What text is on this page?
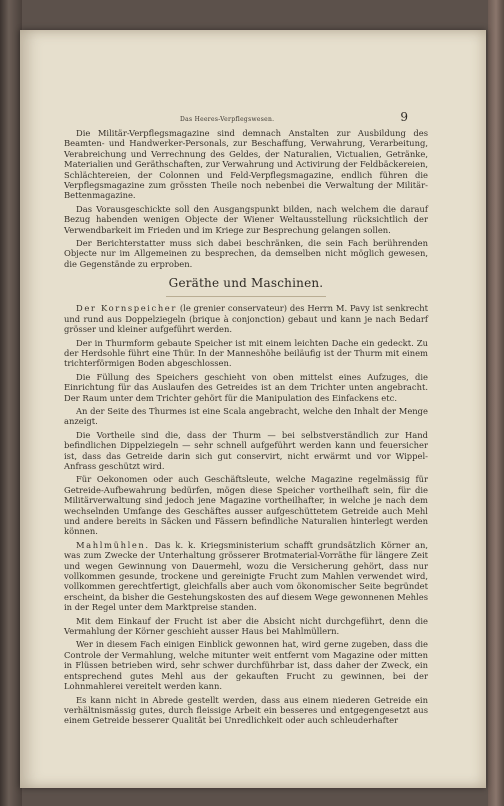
Das Heeres-Verpflegswesen.	9

Die Militär-Verpflegsmagazine sind demnach Anstalten zur Ausbildung des Beamten- und Handwerker-Personals, zur Beschaffung, Verwahrung, Verarbeitung, Verabreichung und Verrechnung des Geldes, der Naturalien, Victualien, Getränke, Materialien und Geräthschaften, zur Verwahrung und Activirung der Feldbäckereien, Schlächtereien, der Colonnen und Feld-Verpflegsmagazine, endlich führen die Verpflegsmagazine zum grössten Theile noch nebenbei die Verwaltung der Militär-Bettenmagazine.

Das Vorausgeschickte soll den Ausgangspunkt bilden, nach welchem die darauf Bezug habenden wenigen Objecte der Wiener Weltausstellung rücksichtlich der Verwendbarkeit im Frieden und im Kriege zur Besprechung gelangen sollen.

Der Berichterstatter muss sich dabei beschränken, die sein Fach berührenden Objecte nur im Allgemeinen zu besprechen, da demselben nicht möglich gewesen, die Gegenstände zu erproben.

Geräthe und Maschinen.

Der Kornspeicher (le grenier conservateur) des Herrn M. Pavy ist senkrecht und rund aus Doppelziegeln (brique à conjonction) gebaut und kann je nach Bedarf grösser und kleiner aufgeführt werden.

Der in Thurmform gebaute Speicher ist mit einem leichten Dache ein gedeckt. Zu der Herdsohle führt eine Thür. In der Manneshöhe beiläufig ist der Thurm mit einem trichterförmigen Boden abgeschlossen.

Die Füllung des Speichers geschieht von oben mittelst eines Aufzuges, die Einrichtung für das Auslaufen des Getreides ist an dem Trichter unten angebracht. Der Raum unter dem Trichter gehört für die Manipulation des Einfackens etc.

An der Seite des Thurmes ist eine Scala angebracht, welche den Inhalt der Menge anzeigt.

Die Vortheile sind die, dass der Thurm — bei selbstverständlich zur Hand befindlichen Dippelziegeln — sehr schnell aufgeführt werden kann und feuersicher ist, dass das Getreide darin sich gut conservirt, nicht erwärmt und vor Wippel-Anfrass geschützt wird.

Für Oekonomen oder auch Geschäftsleute, welche Magazine regelmässig für Getreide-Aufbewahrung bedürfen, mögen diese Speicher vortheilhaft sein, für die Militärverwaltung sind jedoch jene Magazine vortheilhafter, in welche je nach dem wechselnden Umfange des Geschäftes ausser aufgeschüttetem Getreide auch Mehl und andere bereits in Säcken und Fässern befindliche Naturalien hinterlegt werden können.

Mahlmühlen. Das k. k. Kriegsministerium schafft grundsätzlich Körner an, was zum Zwecke der Unterhaltung grösserer Brotmaterial-Vorräthe für längere Zeit und wegen Gewinnung von Dauermehl, wozu die Versicherung gehört, dass nur vollkommen gesunde, trockene und gereinigte Frucht zum Mahlen verwendet wird, vollkommen gerechtfertigt, gleichfalls aber auch vom ökonomischer Seite begründet erscheint, da bisher die Gestehungskosten des auf diesem Wege gewonnenen Mehles in der Regel unter dem Marktpreise standen.

Mit dem Einkauf der Frucht ist aber die Absicht nicht durchgeführt, denn die Vermahlung der Körner geschieht ausser Haus bei Mahlmüllern.

Wer in diesem Fach einigen Einblick gewonnen hat, wird gerne zugeben, dass die Controle der Vermahlung, welche mitunter weit entfernt vom Magazine oder mitten in Flüssen betrieben wird, sehr schwer durchführbar ist, dass daher der Zweck, ein entsprechend gutes Mehl aus der gekauften Frucht zu gewinnen, bei der Lohnmahlerei vereitelt werden kann.

Es kann nicht in Abrede gestellt werden, dass aus einem niederen Getreide ein verhältnismässig gutes, durch fleissige Arbeit ein besseres und entgegengesetzt aus einem Getreide besserer Qualität bei Unredlichkeit oder auch schleuderhafter
